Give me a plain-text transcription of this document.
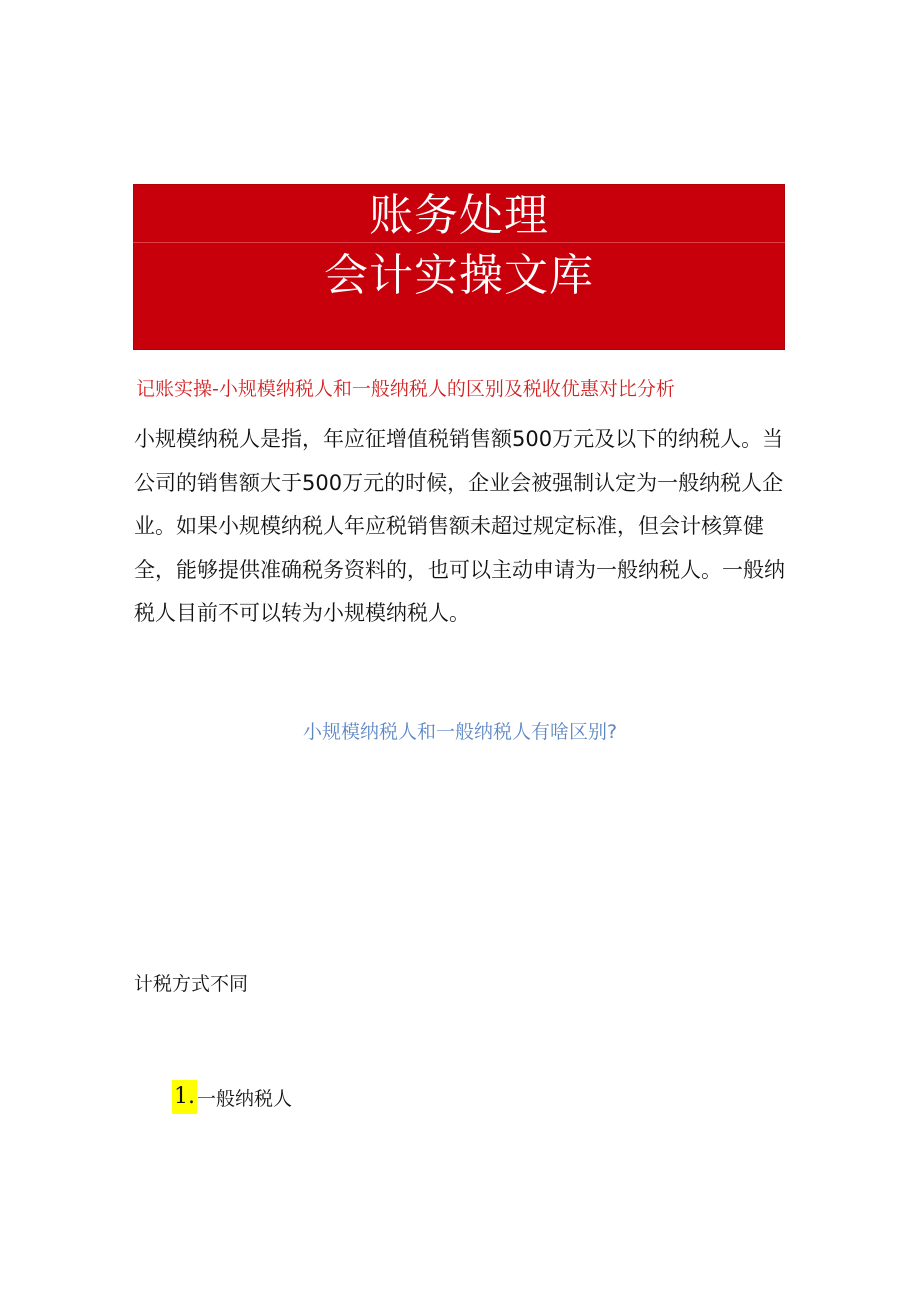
账务处理
会计实操文库
记账实操-小规模纳税人和一般纳税人的区别及税收优惠对比分析

小规模纳税人是指，年应征增值税销售额500万元及以下的纳税人。当公司的销售额大于500万元的时候，企业会被强制认定为一般纳税人企业。如果小规模纳税人年应税销售额未超过规定标准，但会计核算健全，能够提供准确税务资料的，也可以主动申请为一般纳税人。一般纳税人目前不可以转为小规模纳税人。

小规模纳税人和一般纳税人有啥区别?
计税方式不同
1. 一般纳税人
